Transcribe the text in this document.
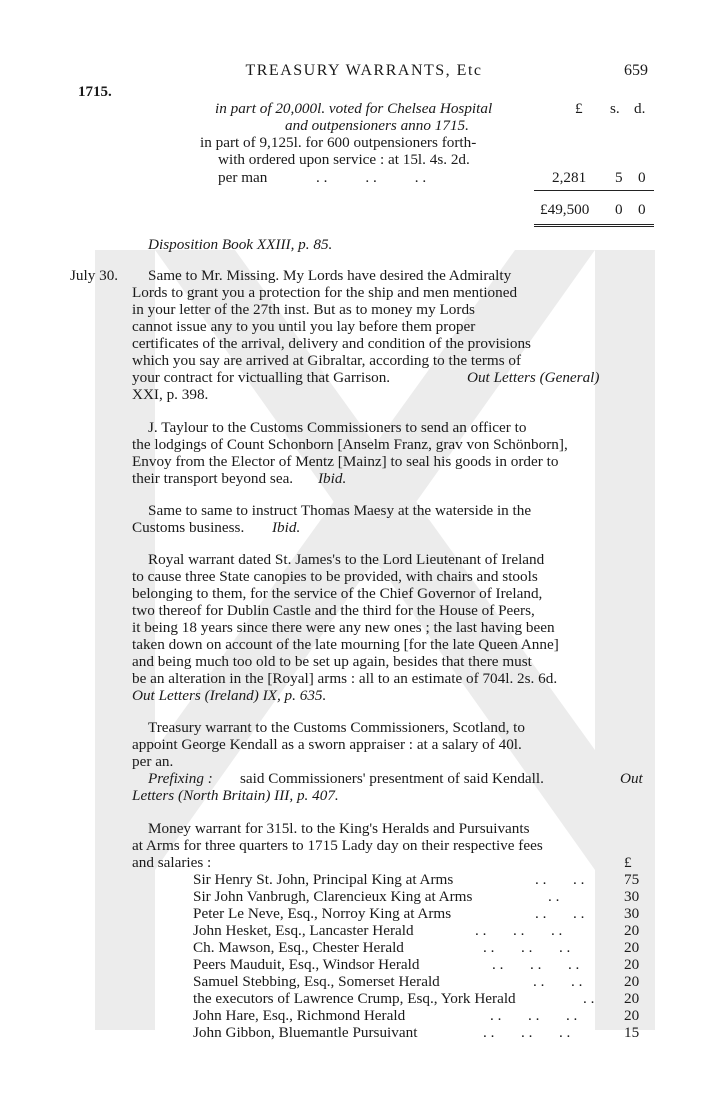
TREASURY WARRANTS, Etc	659
1715.
in part of 20,000l. voted for Chelsea Hospital	£ s. d.
and outpensioners anno 1715.
in part of 9,125l. for 600 outpensioners forth-
with ordered upon service : at 15l. 4s. 2d.
per man	. .          . .          . .	2,281 5 0
£49,500 0 0
Disposition Book XXIII, p. 85.
July 30. Same to Mr. Missing. My Lords have desired the Admiralty
Lords to grant you a protection for the ship and men mentioned
in your letter of the 27th inst. But as to money my Lords
cannot issue any to you until you lay before them proper
certificates of the arrival, delivery and condition of the provisions
which you say are arrived at Gibraltar, according to the terms of
your contract for victualling that Garrison.	Out Letters (General)
XXI, p. 398.
J. Taylour to the Customs Commissioners to send an officer to
the lodgings of Count Schonborn [Anselm Franz, grav von Schönborn],
Envoy from the Elector of Mentz [Mainz] to seal his goods in order to
their transport beyond sea. Ibid.
Same to same to instruct Thomas Maesy at the waterside in the
Customs business. Ibid.
Royal warrant dated St. James's to the Lord Lieutenant of Ireland
to cause three State canopies to be provided, with chairs and stools
belonging to them, for the service of the Chief Governor of Ireland,
two thereof for Dublin Castle and the third for the House of Peers,
it being 18 years since there were any new ones ; the last having been
taken down on account of the late mourning [for the late Queen Anne]
and being much too old to be set up again, besides that there must
be an alteration in the [Royal] arms : all to an estimate of 704l. 2s. 6d.
Out Letters (Ireland) IX, p. 635.
Treasury warrant to the Customs Commissioners, Scotland, to
appoint George Kendall as a sworn appraiser : at a salary of 40l.
per an.
Prefixing : said Commissioners' presentment of said Kendall.	Out
Letters (North Britain) III, p. 407.
Money warrant for 315l. to the King's Heralds and Pursuivants
at Arms for three quarters to 1715 Lady day on their respective fees
and salaries :	£
Sir Henry St. John, Principal King at Arms	. .       . .	75
Sir John Vanbrugh, Clarencieux King at Arms	. .	30
Peter Le Neve, Esq., Norroy King at Arms	. .       . .	30
John Hesket, Esq., Lancaster Herald	. .       . .       . .	20
Ch. Mawson, Esq., Chester Herald	. .       . .       . .	20
Peers Mauduit, Esq., Windsor Herald	. .       . .       . .	20
Samuel Stebbing, Esq., Somerset Herald	. .       . .	20
the executors of Lawrence Crump, Esq., York Herald	. . 20
John Hare, Esq., Richmond Herald	. .       . .       . .	20
John Gibbon, Bluemantle Pursuivant	. .       . .       . .	15
